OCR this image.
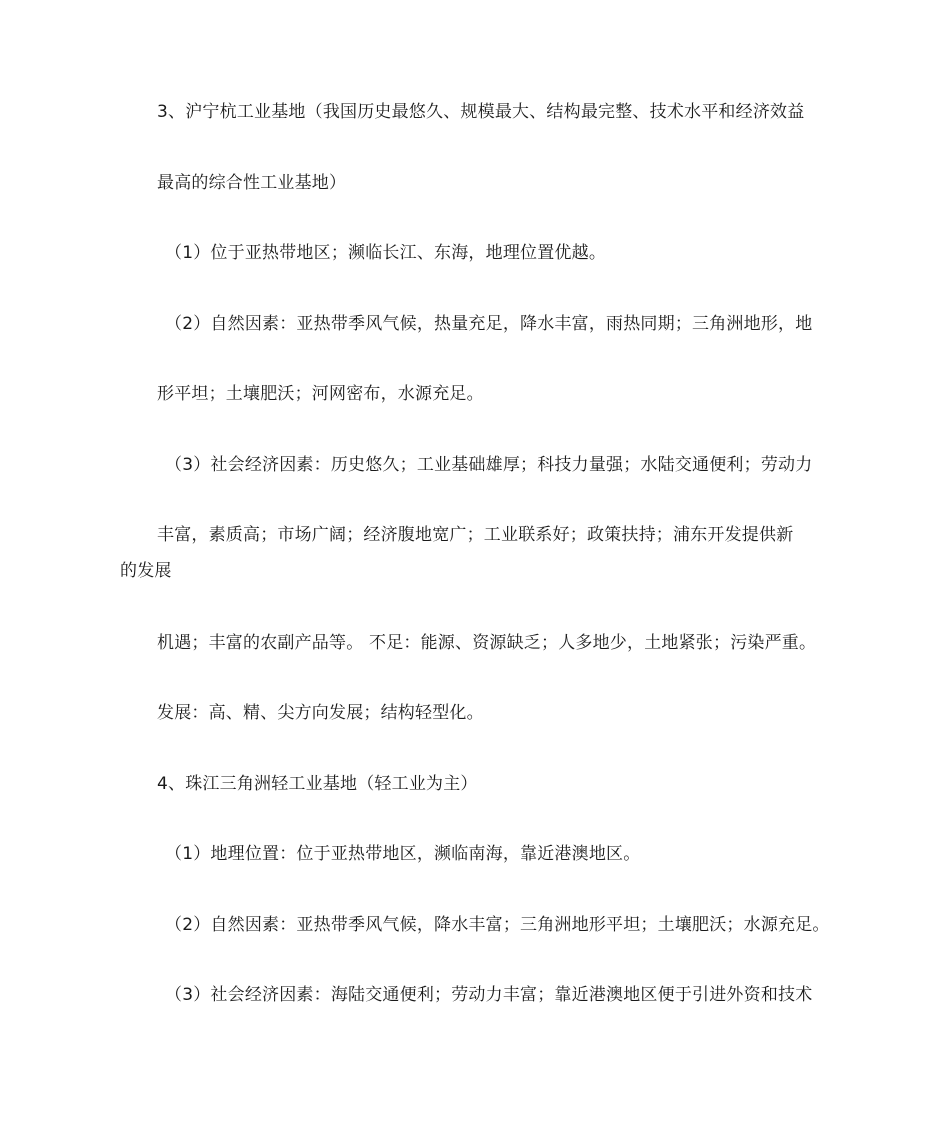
3、沪宁杭工业基地（我国历史最悠久、规模最大、结构最完整、技术水平和经济效益
最高的综合性工业基地）
（1）位于亚热带地区；濒临长江、东海，地理位置优越。
（2）自然因素：亚热带季风气候，热量充足，降水丰富，雨热同期；三角洲地形，地
形平坦；土壤肥沃；河网密布，水源充足。
（3）社会经济因素：历史悠久；工业基础雄厚；科技力量强；水陆交通便利；劳动力
丰富，素质高；市场广阔；经济腹地宽广；工业联系好；政策扶持；浦东开发提供新
的发展
机遇；丰富的农副产品等。 不足：能源、资源缺乏；人多地少，土地紧张；污染严重。
发展：高、精、尖方向发展；结构轻型化。
4、珠江三角洲轻工业基地（轻工业为主）
（1）地理位置：位于亚热带地区，濒临南海，靠近港澳地区。
（2）自然因素：亚热带季风气候，降水丰富；三角洲地形平坦；土壤肥沃；水源充足。
（3）社会经济因素：海陆交通便利；劳动力丰富；靠近港澳地区便于引进外资和技术
